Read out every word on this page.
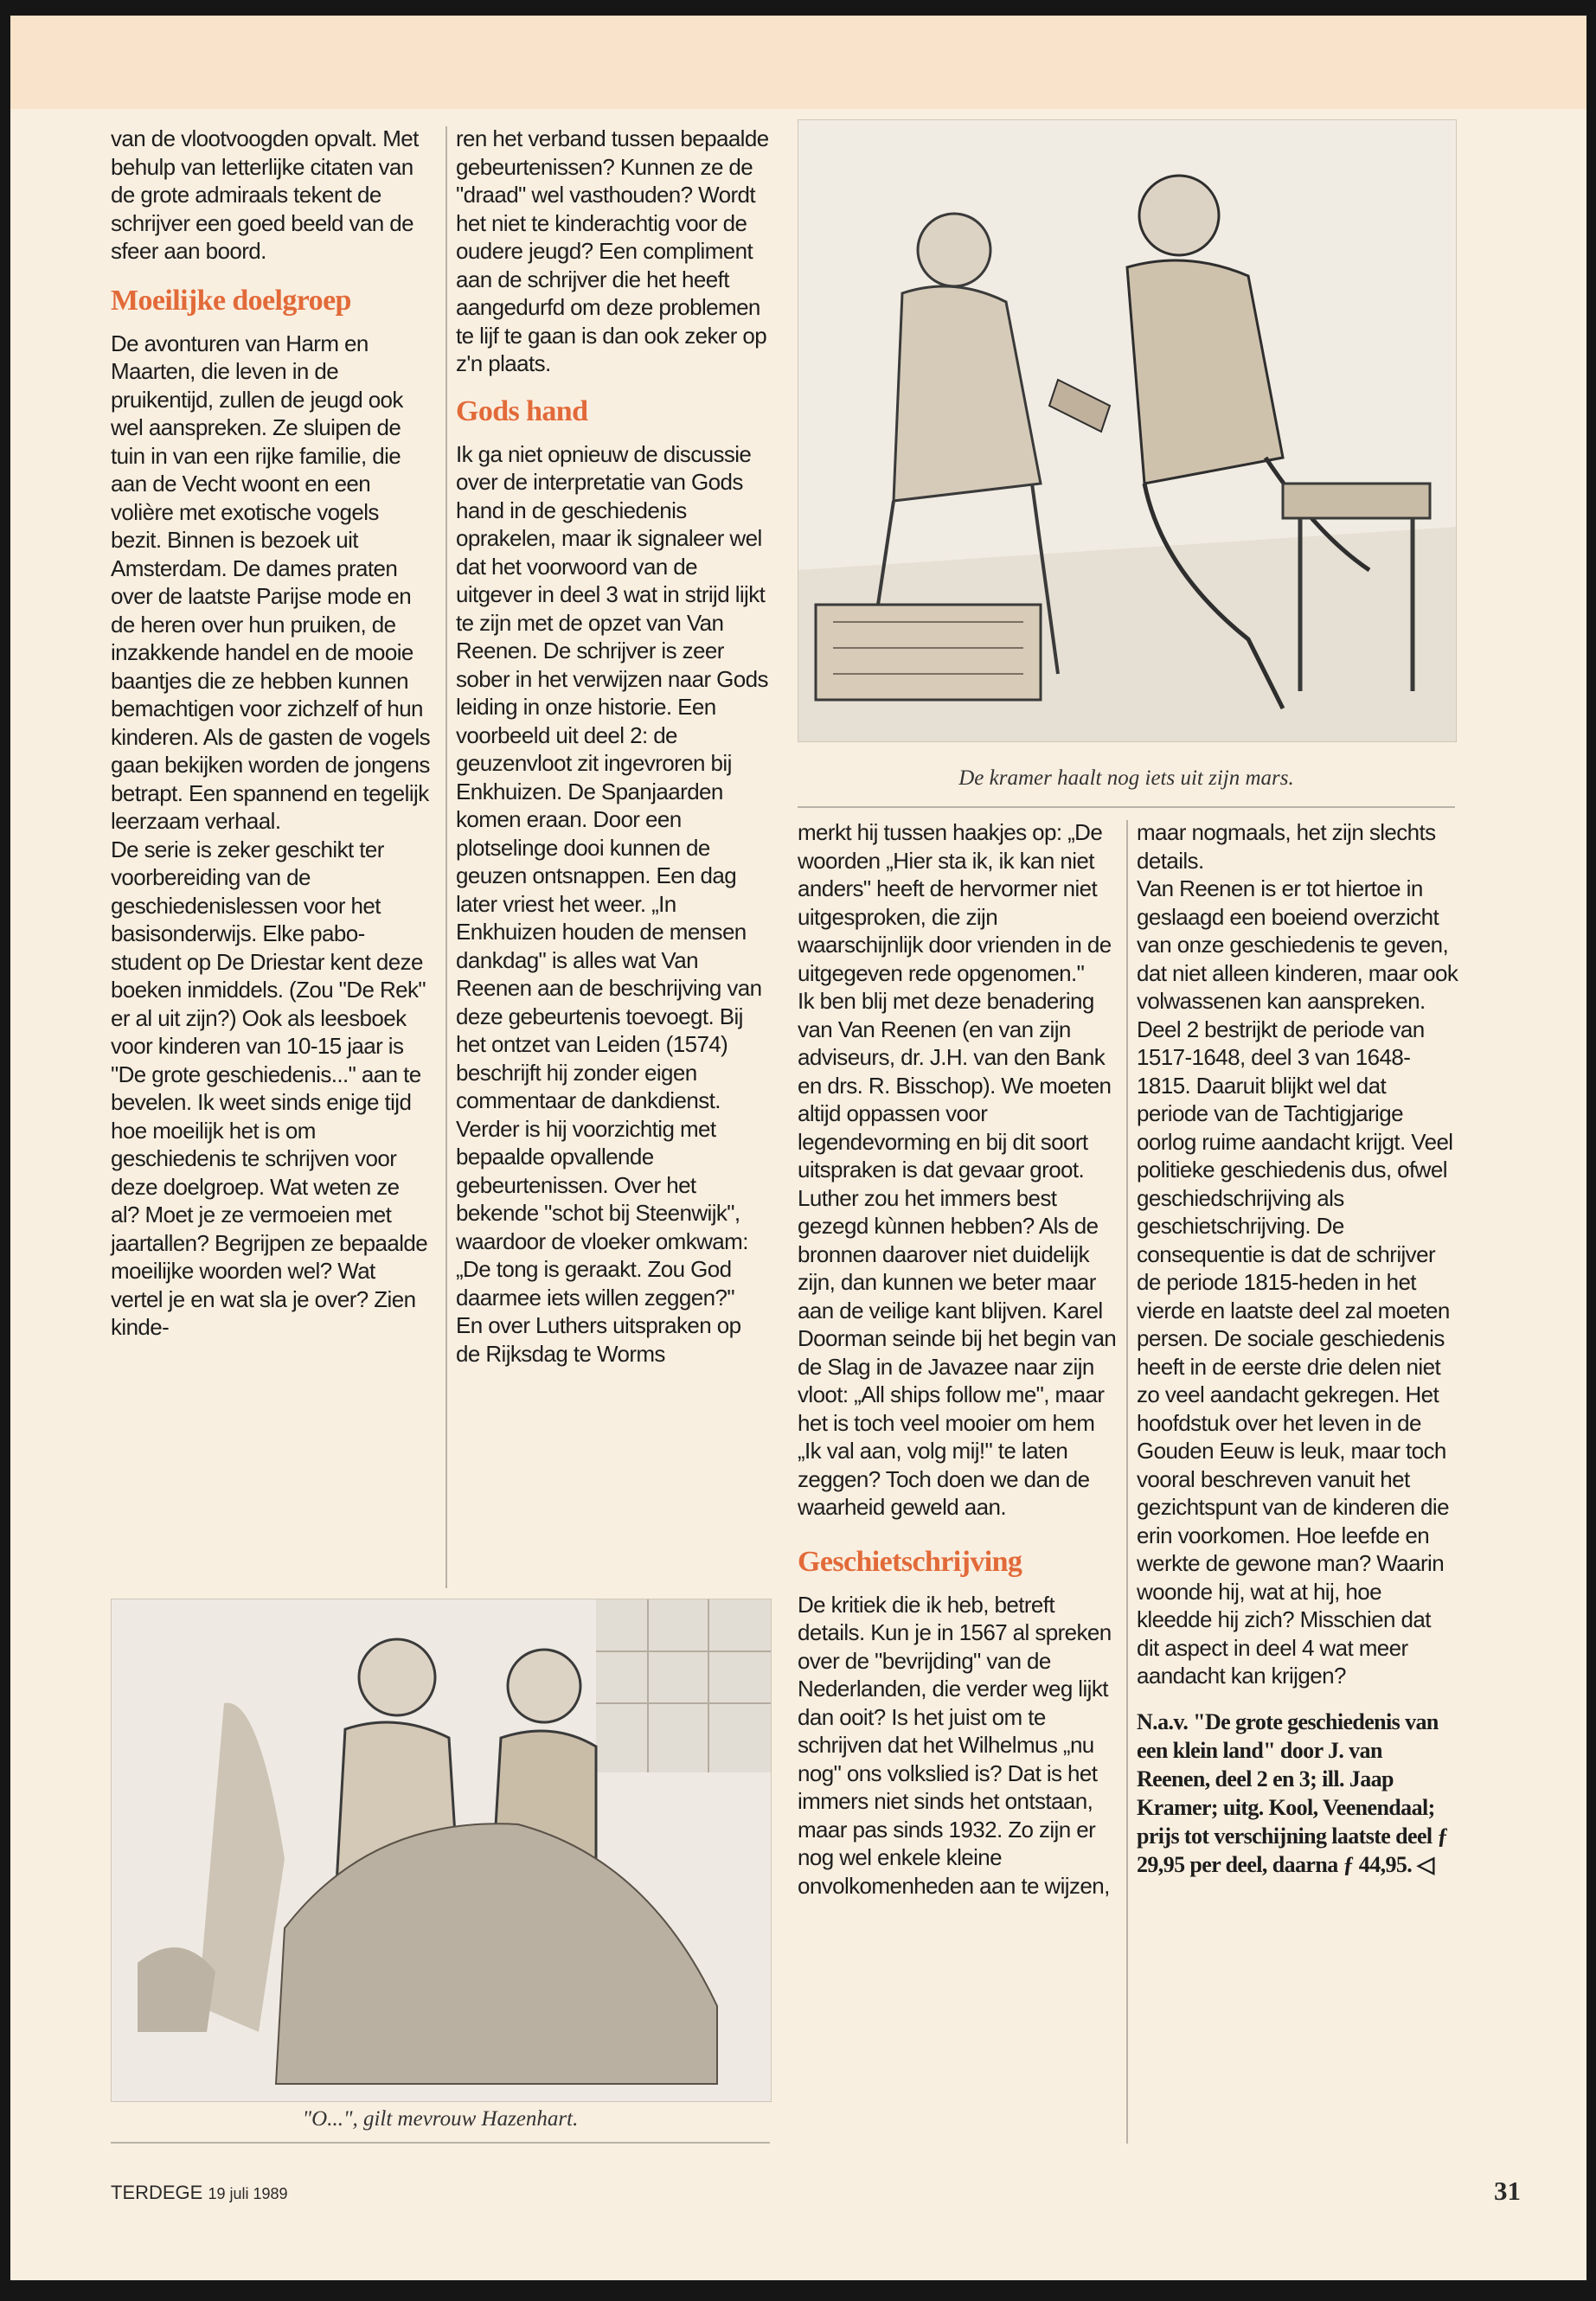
van de vlootvoogden opvalt. Met behulp van letterlijke citaten van de grote admiraals tekent de schrijver een goed beeld van de sfeer aan boord.

Moeilijke doelgroep

De avonturen van Harm en Maarten, die leven in de pruikentijd, zullen de jeugd ook wel aanspreken. Ze sluipen de tuin in van een rijke familie, die aan de Vecht woont en een volière met exotische vogels bezit. Binnen is bezoek uit Amsterdam. De dames praten over de laatste Parijse mode en de heren over hun pruiken, de inzakkende handel en de mooie baantjes die ze hebben kunnen bemachtigen voor zichzelf of hun kinderen. Als de gasten de vogels gaan bekijken worden de jongens betrapt. Een spannend en tegelijk leerzaam verhaal.

De serie is zeker geschikt ter voorbereiding van de geschiedenislessen voor het basisonderwijs. Elke pabo-student op De Driestar kent deze boeken inmiddels. (Zou "De Rek" er al uit zijn?) Ook als leesboek voor kinderen van 10-15 jaar is "De grote geschiedenis..." aan te bevelen. Ik weet sinds enige tijd hoe moeilijk het is om geschiedenis te schrijven voor deze doelgroep. Wat weten ze al? Moet je ze vermoeien met jaartallen? Begrijpen ze bepaalde moeilijke woorden wel? Wat vertel je en wat sla je over? Zien kinde-

ren het verband tussen bepaalde gebeurtenissen? Kunnen ze de "draad" wel vasthouden? Wordt het niet te kinderachtig voor de oudere jeugd? Een compliment aan de schrijver die het heeft aangedurfd om deze problemen te lijf te gaan is dan ook zeker op z'n plaats.

Gods hand

Ik ga niet opnieuw de discussie over de interpretatie van Gods hand in de geschiedenis oprakelen, maar ik signaleer wel dat het voorwoord van de uitgever in deel 3 wat in strijd lijkt te zijn met de opzet van Van Reenen. De schrijver is zeer sober in het verwijzen naar Gods leiding in onze historie. Een voorbeeld uit deel 2: de geuzenvloot zit ingevroren bij Enkhuizen. De Spanjaarden komen eraan. Door een plotselinge dooi kunnen de geuzen ontsnappen. Een dag later vriest het weer. „In Enkhuizen houden de mensen dankdag" is alles wat Van Reenen aan de beschrijving van deze gebeurtenis toevoegt. Bij het ontzet van Leiden (1574) beschrijft hij zonder eigen commentaar de dankdienst. Verder is hij voorzichtig met bepaalde opvallende gebeurtenissen. Over het bekende "schot bij Steenwijk", waardoor de vloeker omkwam: „De tong is geraakt. Zou God daarmee iets willen zeggen?"

En over Luthers uitspraken op de Rijksdag te Worms

De kramer haalt nog iets uit zijn mars.

merkt hij tussen haakjes op: „De woorden „Hier sta ik, ik kan niet anders" heeft de hervormer niet uitgesproken, die zijn waarschijnlijk door vrienden in de uitgegeven rede opgenomen."

Ik ben blij met deze benadering van Van Reenen (en van zijn adviseurs, dr. J.H. van den Bank en drs. R. Bisschop). We moeten altijd oppassen voor legendevorming en bij dit soort uitspraken is dat gevaar groot. Luther zou het immers best gezegd kùnnen hebben? Als de bronnen daarover niet duidelijk zijn, dan kunnen we beter maar aan de veilige kant blijven. Karel Doorman seinde bij het begin van de Slag in de Javazee naar zijn vloot: „All ships follow me", maar het is toch veel mooier om hem „Ik val aan, volg mij!" te laten zeggen? Toch doen we dan de waarheid geweld aan.

Geschietschrijving

De kritiek die ik heb, betreft details. Kun je in 1567 al spreken over de "bevrijding" van de Nederlanden, die verder weg lijkt dan ooit? Is het juist om te schrijven dat het Wilhelmus „nu nog" ons volkslied is? Dat is het immers niet sinds het ontstaan, maar pas sinds 1932. Zo zijn er nog wel enkele kleine onvolkomenheden aan te wijzen,

maar nogmaals, het zijn slechts details.

Van Reenen is er tot hiertoe in geslaagd een boeiend overzicht van onze geschiedenis te geven, dat niet alleen kinderen, maar ook volwassenen kan aanspreken. Deel 2 bestrijkt de periode van 1517-1648, deel 3 van 1648-1815. Daaruit blijkt wel dat periode van de Tachtigjarige oorlog ruime aandacht krijgt. Veel politieke geschiedenis dus, ofwel geschiedschrijving als geschietschrijving. De consequentie is dat de schrijver de periode 1815-heden in het vierde en laatste deel zal moeten persen. De sociale geschiedenis heeft in de eerste drie delen niet zo veel aandacht gekregen. Het hoofdstuk over het leven in de Gouden Eeuw is leuk, maar toch vooral beschreven vanuit het gezichtspunt van de kinderen die erin voorkomen. Hoe leefde en werkte de gewone man? Waarin woonde hij, wat at hij, hoe kleedde hij zich? Misschien dat dit aspect in deel 4 wat meer aandacht kan krijgen?

N.a.v. "De grote geschiedenis van een klein land" door J. van Reenen, deel 2 en 3; ill. Jaap Kramer; uitg. Kool, Veenendaal; prijs tot verschijning laatste deel ƒ 29,95 per deel, daarna ƒ 44,95. ◁

"O...", gilt mevrouw Hazenhart.
TERDEGE 19 juli 1989	31
